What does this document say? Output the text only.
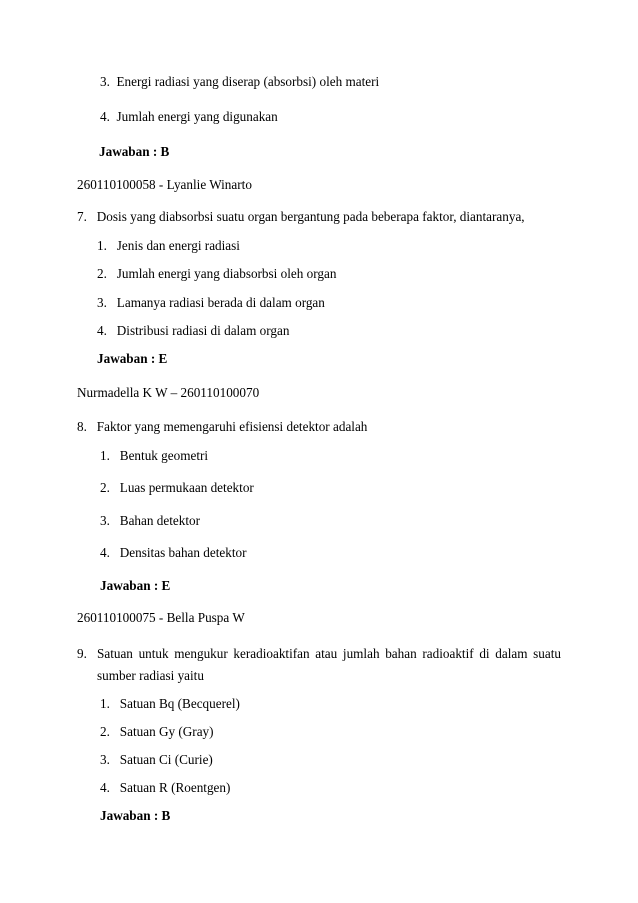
3. Energi radiasi yang diserap (absorbsi) oleh materi
4. Jumlah energi yang digunakan
Jawaban : B
260110100058 - Lyanlie Winarto
7. Dosis yang diabsorbsi suatu organ bergantung pada beberapa faktor, diantaranya,
1. Jenis dan energi radiasi
2. Jumlah energi yang diabsorbsi oleh organ
3. Lamanya radiasi berada di dalam organ
4. Distribusi radiasi di dalam organ
Jawaban : E
Nurmadella K W – 260110100070
8. Faktor yang memengaruhi efisiensi detektor adalah
1. Bentuk geometri
2. Luas permukaan detektor
3. Bahan detektor
4. Densitas bahan detektor
Jawaban : E
260110100075 - Bella Puspa W
9. Satuan untuk mengukur keradioaktifan atau jumlah bahan radioaktif di dalam suatu
sumber radiasi yaitu
1. Satuan Bq (Becquerel)
2. Satuan Gy (Gray)
3. Satuan Ci (Curie)
4. Satuan R (Roentgen)
Jawaban : B
